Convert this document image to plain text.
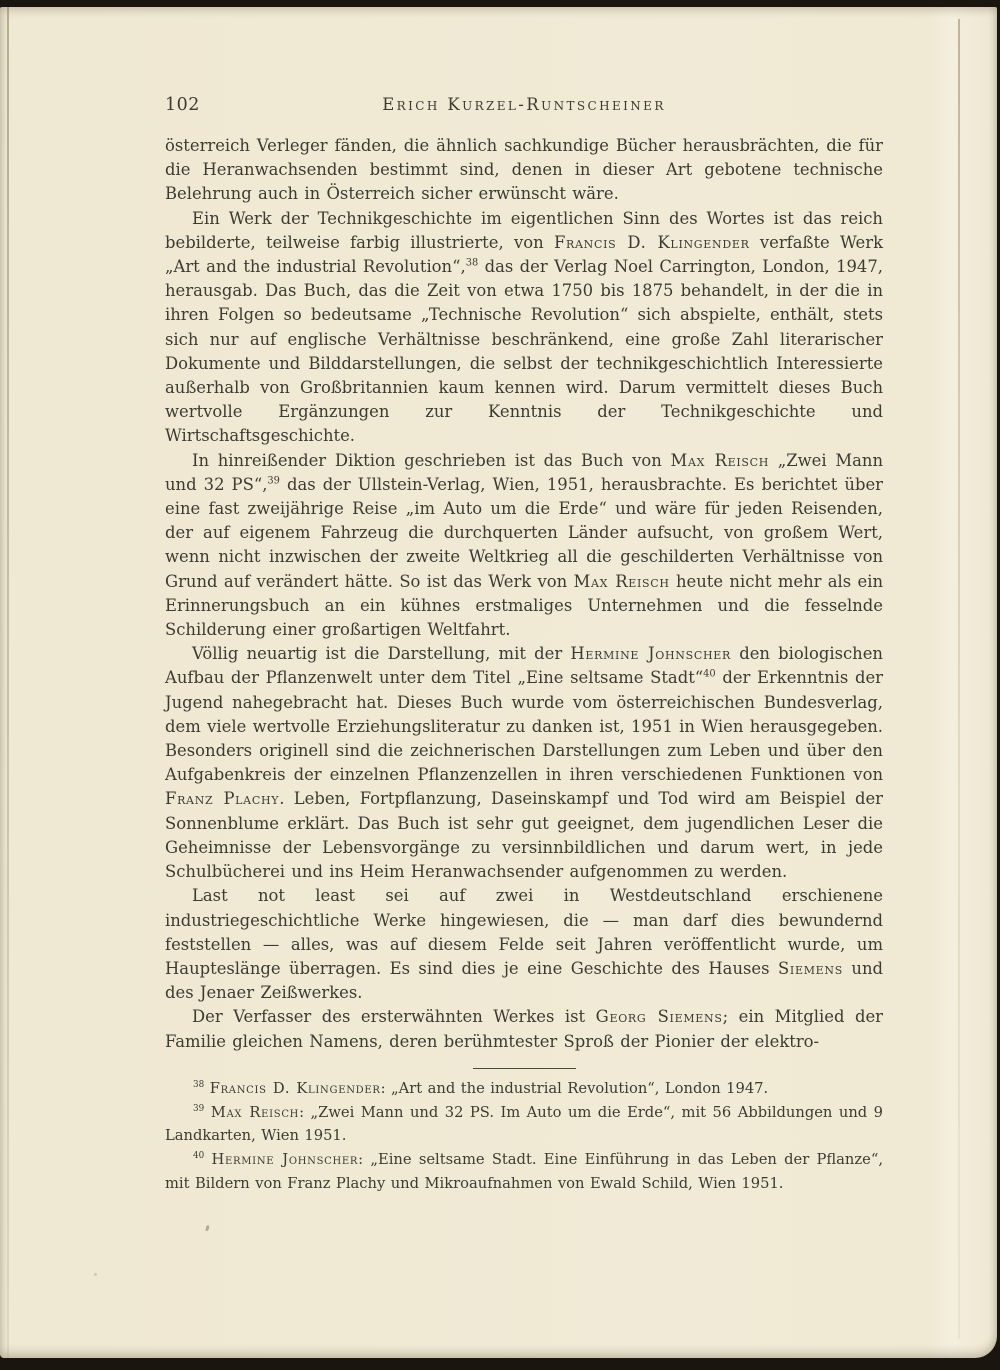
102	Erich Kurzel-Runtscheiner

österreich Verleger fänden, die ähnlich sachkundige Bücher herausbrächten, die für die Heranwachsenden bestimmt sind, denen in dieser Art gebotene technische Belehrung auch in Österreich sicher erwünscht wäre.

Ein Werk der Technikgeschichte im eigentlichen Sinn des Wortes ist das reich bebilderte, teilweise farbig illustrierte, von Francis D. Klingender verfaßte Werk „Art and the industrial Revolution“,$^{38}$ das der Verlag Noel Carrington, London, 1947, herausgab. Das Buch, das die Zeit von etwa 1750 bis 1875 behandelt, in der die in ihren Folgen so bedeutsame „Technische Revolution“ sich abspielte, enthält, stets sich nur auf englische Verhältnisse beschränkend, eine große Zahl literarischer Dokumente und Bilddarstellungen, die selbst der technikgeschichtlich Interessierte außerhalb von Großbritannien kaum kennen wird. Darum vermittelt dieses Buch wertvolle Ergänzungen zur Kenntnis der Technikgeschichte und Wirtschaftsgeschichte.

In hinreißender Diktion geschrieben ist das Buch von Max Reisch „Zwei Mann und 32 PS“,$^{39}$ das der Ullstein-Verlag, Wien, 1951, herausbrachte. Es berichtet über eine fast zweijährige Reise „im Auto um die Erde“ und wäre für jeden Reisenden, der auf eigenem Fahrzeug die durchquerten Länder aufsucht, von großem Wert, wenn nicht inzwischen der zweite Weltkrieg all die geschilderten Verhältnisse von Grund auf verändert hätte. So ist das Werk von Max Reisch heute nicht mehr als ein Erinnerungsbuch an ein kühnes erstmaliges Unternehmen und die fesselnde Schilderung einer großartigen Weltfahrt.

Völlig neuartig ist die Darstellung, mit der Hermine Johnscher den biologischen Aufbau der Pflanzenwelt unter dem Titel „Eine seltsame Stadt“$^{40}$ der Erkenntnis der Jugend nahegebracht hat. Dieses Buch wurde vom österreichischen Bundesverlag, dem viele wertvolle Erziehungsliteratur zu danken ist, 1951 in Wien herausgegeben. Besonders originell sind die zeichnerischen Darstellungen zum Leben und über den Aufgabenkreis der einzelnen Pflanzenzellen in ihren verschiedenen Funktionen von Franz Plachy. Leben, Fortpflanzung, Daseinskampf und Tod wird am Beispiel der Sonnenblume erklärt. Das Buch ist sehr gut geeignet, dem jugendlichen Leser die Geheimnisse der Lebensvorgänge zu versinnbildlichen und darum wert, in jede Schulbücherei und ins Heim Heranwachsender aufgenommen zu werden.

Last not least sei auf zwei in Westdeutschland erschienene industriegeschichtliche Werke hingewiesen, die — man darf dies bewundernd feststellen — alles, was auf diesem Felde seit Jahren veröffentlicht wurde, um Haupteslänge überragen. Es sind dies je eine Geschichte des Hauses Siemens und des Jenaer Zeißwerkes.

Der Verfasser des ersterwähnten Werkes ist Georg Siemens; ein Mitglied der Familie gleichen Namens, deren berühmtester Sproß der Pionier der elektro-

$^{38}$ Francis D. Klingender: „Art and the industrial Revolution“, London 1947.

$^{39}$ Max Reisch: „Zwei Mann und 32 PS. Im Auto um die Erde“, mit 56 Abbildungen und 9 Landkarten, Wien 1951.

$^{40}$ Hermine Johnscher: „Eine seltsame Stadt. Eine Einführung in das Leben der Pflanze“, mit Bildern von Franz Plachy und Mikroaufnahmen von Ewald Schild, Wien 1951.
